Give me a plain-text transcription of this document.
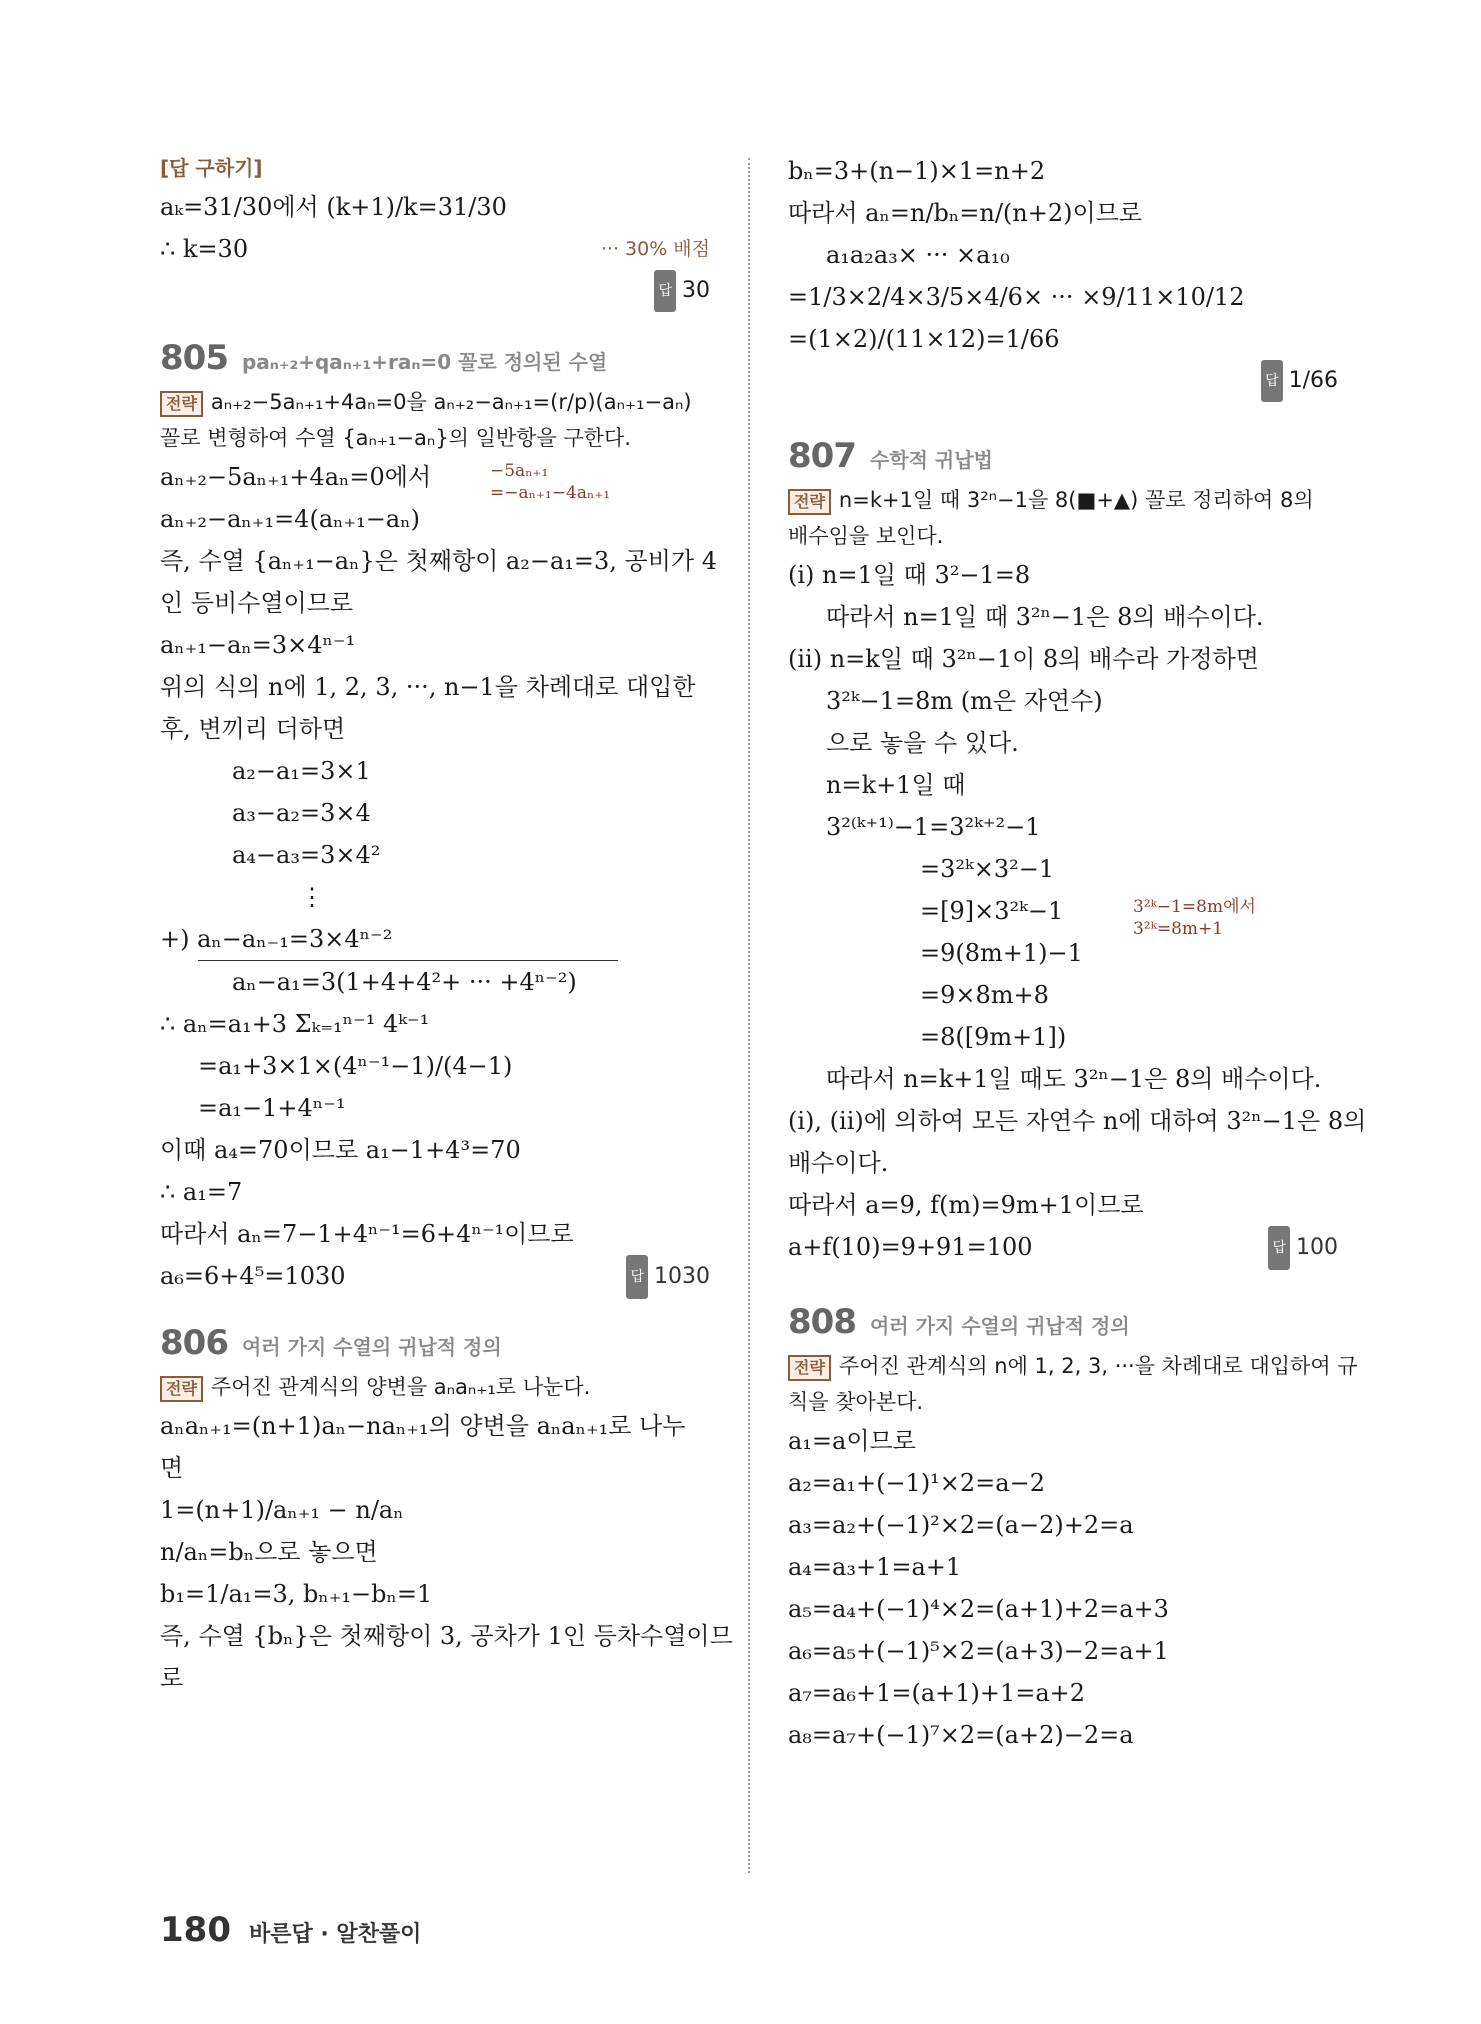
[답 구하기]
aₖ=31/30에서 (k+1)/k=31/30
∴ k=30	··· 30% 배점
답 30
805 paₙ₊₂+qaₙ₊₁+raₙ=0 꼴로 정의된 수열
전략 aₙ₊₂−5aₙ₊₁+4aₙ=0을 aₙ₊₂−aₙ₊₁=(r/p)(aₙ₊₁−aₙ)
꼴로 변형하여 수열 {aₙ₊₁−aₙ}의 일반항을 구한다.
aₙ₊₂−5aₙ₊₁+4aₙ=0에서	−5aₙ₊₁
=−aₙ₊₁−4aₙ₊₁
aₙ₊₂−aₙ₊₁=4(aₙ₊₁−aₙ)
즉, 수열 {aₙ₊₁−aₙ}은 첫째항이 a₂−a₁=3, 공비가 4
인 등비수열이므로
aₙ₊₁−aₙ=3×4ⁿ⁻¹
위의 식의 n에 1, 2, 3, ···, n−1을 차례대로 대입한
후, 변끼리 더하면
a₂−a₁=3×1
a₃−a₂=3×4
a₄−a₃=3×4²
⋮
+) aₙ−aₙ₋₁=3×4ⁿ⁻²
aₙ−a₁=3(1+4+4²+ ··· +4ⁿ⁻²)
∴ aₙ=a₁+3 Σₖ₌₁ⁿ⁻¹ 4ᵏ⁻¹
=a₁+3×1×(4ⁿ⁻¹−1)/(4−1)
=a₁−1+4ⁿ⁻¹
이때 a₄=70이므로 a₁−1+4³=70
∴ a₁=7
따라서 aₙ=7−1+4ⁿ⁻¹=6+4ⁿ⁻¹이므로
a₆=6+4⁵=1030	답 1030
806 여러 가지 수열의 귀납적 정의
전략 주어진 관계식의 양변을 aₙaₙ₊₁로 나눈다.
aₙaₙ₊₁=(n+1)aₙ−naₙ₊₁의 양변을 aₙaₙ₊₁로 나누
면
1=(n+1)/aₙ₊₁ − n/aₙ
n/aₙ=bₙ으로 놓으면
b₁=1/a₁=3, bₙ₊₁−bₙ=1
즉, 수열 {bₙ}은 첫째항이 3, 공차가 1인 등차수열이므
로
bₙ=3+(n−1)×1=n+2
따라서 aₙ=n/bₙ=n/(n+2)이므로
a₁a₂a₃× ··· ×a₁₀
=1/3×2/4×3/5×4/6× ··· ×9/11×10/12
=(1×2)/(11×12)=1/66
답 1/66
807 수학적 귀납법
전략 n=k+1일 때 3²ⁿ−1을 8(■+▲) 꼴로 정리하여 8의
배수임을 보인다.
(i) n=1일 때 3²−1=8
따라서 n=1일 때 3²ⁿ−1은 8의 배수이다.
(ii) n=k일 때 3²ⁿ−1이 8의 배수라 가정하면
3²ᵏ−1=8m (m은 자연수)
으로 놓을 수 있다.
n=k+1일 때
3²⁽ᵏ⁺¹⁾−1=3²ᵏ⁺²−1
=3²ᵏ×3²−1
=[9]×3²ᵏ−1	3²ᵏ−1=8m에서
3²ᵏ=8m+1
=9(8m+1)−1
=9×8m+8
=8([9m+1])
따라서 n=k+1일 때도 3²ⁿ−1은 8의 배수이다.
(i), (ii)에 의하여 모든 자연수 n에 대하여 3²ⁿ−1은 8의
배수이다.
따라서 a=9, f(m)=9m+1이므로
a+f(10)=9+91=100	답 100
808 여러 가지 수열의 귀납적 정의
전략 주어진 관계식의 n에 1, 2, 3, ···을 차례대로 대입하여 규
칙을 찾아본다.
a₁=a이므로
a₂=a₁+(−1)¹×2=a−2
a₃=a₂+(−1)²×2=(a−2)+2=a
a₄=a₃+1=a+1
a₅=a₄+(−1)⁴×2=(a+1)+2=a+3
a₆=a₅+(−1)⁵×2=(a+3)−2=a+1
a₇=a₆+1=(a+1)+1=a+2
a₈=a₇+(−1)⁷×2=(a+2)−2=a
180 바른답 · 알찬풀이
